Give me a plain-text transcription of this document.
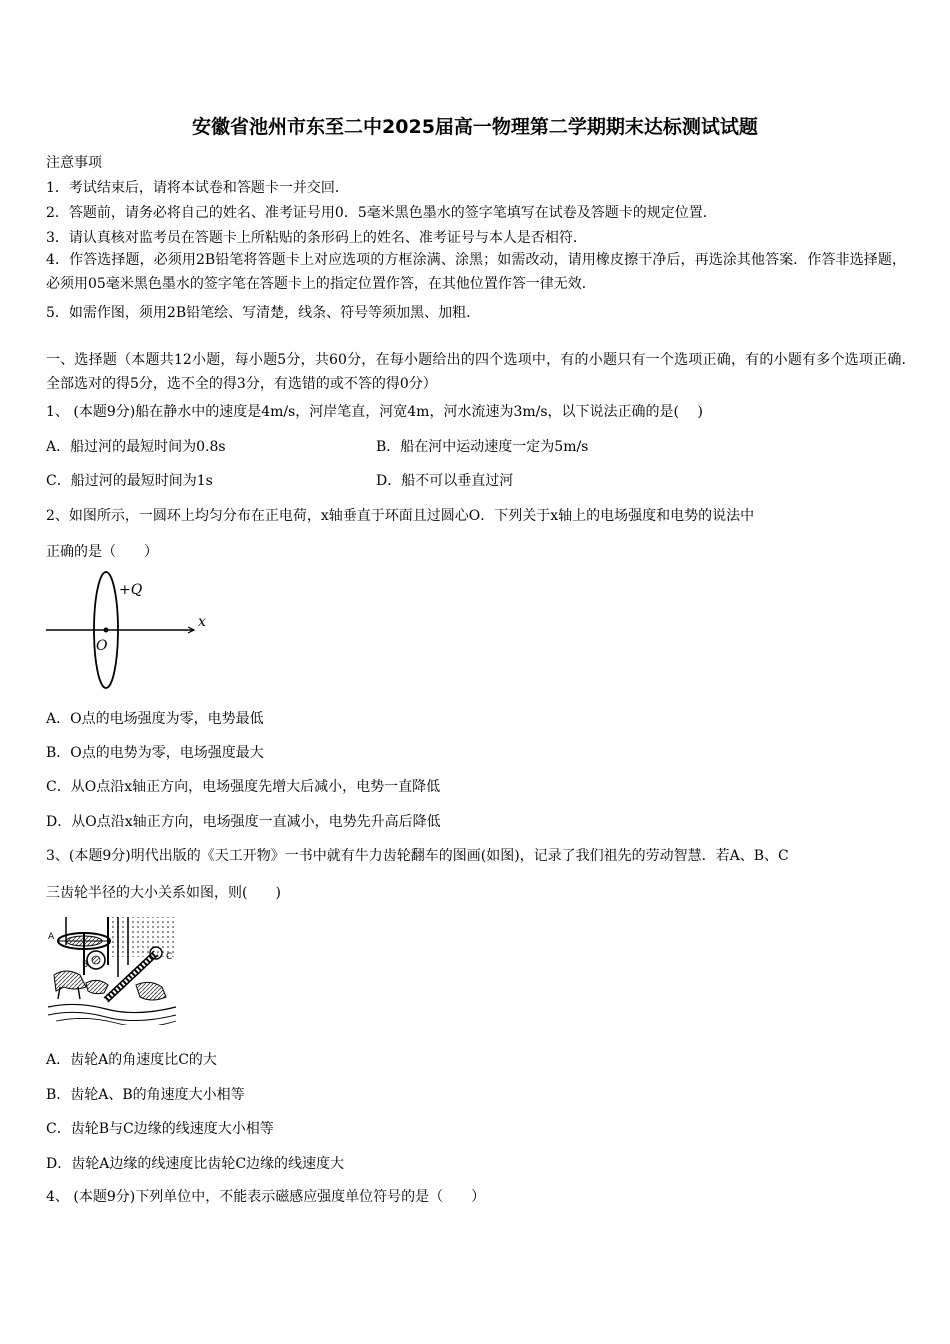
安徽省池州市东至二中2025届高一物理第二学期期末达标测试试题
注意事项
1．考试结束后，请将本试卷和答题卡一并交回．
2．答题前，请务必将自己的姓名、准考证号用0．5毫米黑色墨水的签字笔填写在试卷及答题卡的规定位置．
3．请认真核对监考员在答题卡上所粘贴的条形码上的姓名、准考证号与本人是否相符．
4．作答选择题，必须用2B铅笔将答题卡上对应选项的方框涂满、涂黑；如需改动，请用橡皮擦干净后，再选涂其他答案．作答非选择题，必须用05毫米黑色墨水的签字笔在答题卡上的指定位置作答，在其他位置作答一律无效．
5．如需作图，须用2B铅笔绘、写清楚，线条、符号等须加黑、加粗．
一、选择题（本题共12小题，每小题5分，共60分，在每小题给出的四个选项中，有的小题只有一个选项正确，有的小题有多个选项正确.全部选对的得5分，选不全的得3分，有选错的或不答的得0分）
1、 (本题9分)船在静水中的速度是4m/s，河岸笔直，河宽4m，河水流速为3m/s，以下说法正确的是(　 )
A．船过河的最短时间为0.8s	B．船在河中运动速度一定为5m/s
C．船过河的最短时间为1s	D．船不可以垂直过河
2、如图所示，一圆环上均匀分布在正电荷，x轴垂直于环面且过圆心O．下列关于x轴上的电场强度和电势的说法中
正确的是（　　）
+Q
x
O
A．O点的电场强度为零，电势最低
B．O点的电势为零，电场强度最大
C．从O点沿x轴正方向，电场强度先增大后减小，电势一直降低
D．从O点沿x轴正方向，电场强度一直减小，电势先升高后降低
3、(本题9分)明代出版的《天工开物》一书中就有牛力齿轮翻车的图画(如图)，记录了我们祖先的劳动智慧．若A、B、C
三齿轮半径的大小关系如图，则(　　)
A
B
C
A．齿轮A的角速度比C的大
B．齿轮A、B的角速度大小相等
C．齿轮B与C边缘的线速度大小相等
D．齿轮A边缘的线速度比齿轮C边缘的线速度大
4、 (本题9分)下列单位中，不能表示磁感应强度单位符号的是（　　）
